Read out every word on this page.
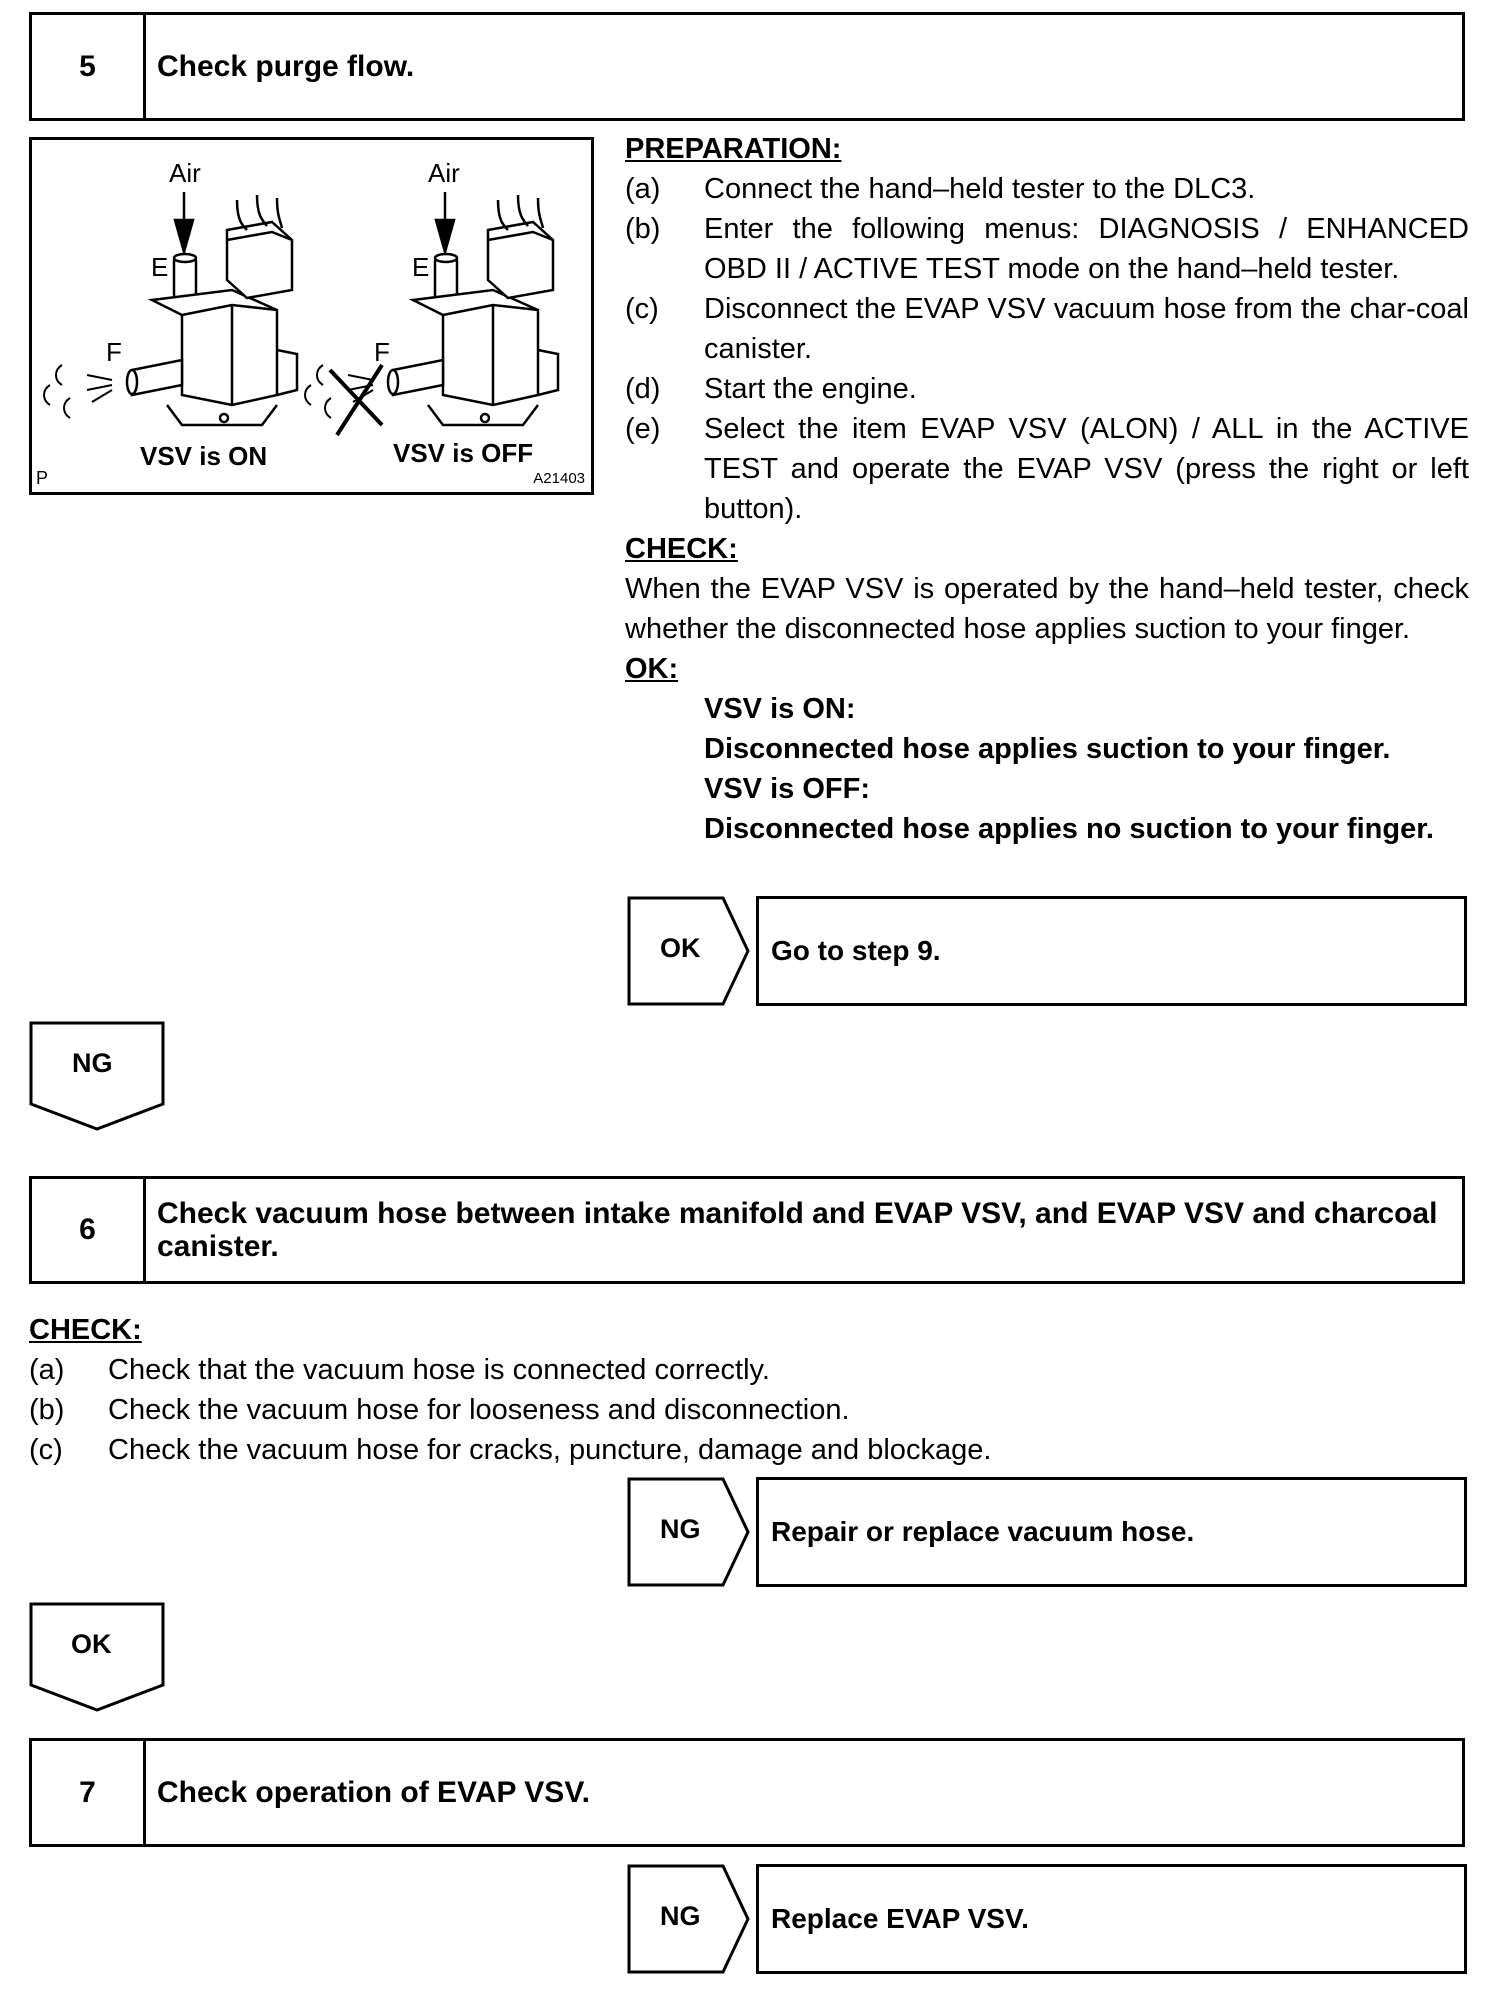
5	Check purge flow.
Air	Air
E	E
F	F
VSV is ON	VSV is OFF
P	A21403
PREPARATION:
(a)	Connect the hand–held tester to the DLC3.
(b)	Enter the following menus: DIAGNOSIS / ENHANCED OBD II / ACTIVE TEST mode on the hand–held tester.
(c)	Disconnect the EVAP VSV vacuum hose from the char-coal canister.
(d)	Start the engine.
(e)	Select the item EVAP VSV (ALON) / ALL in the ACTIVE TEST and operate the EVAP VSV (press the right or left button).
CHECK:
When the EVAP VSV is operated by the hand–held tester, check whether the disconnected hose applies suction to your finger.
OK:
VSV is ON:
Disconnected hose applies suction to your finger.
VSV is OFF:
Disconnected hose applies no suction to your finger.
OK	Go to step 9.
NG
6	Check vacuum hose between intake manifold and EVAP VSV, and EVAP VSV and charcoal canister.
CHECK:
(a)	Check that the vacuum hose is connected correctly.
(b)	Check the vacuum hose for looseness and disconnection.
(c)	Check the vacuum hose for cracks, puncture, damage and blockage.
NG	Repair or replace vacuum hose.
OK
7	Check operation of EVAP VSV.
NG	Replace EVAP VSV.
